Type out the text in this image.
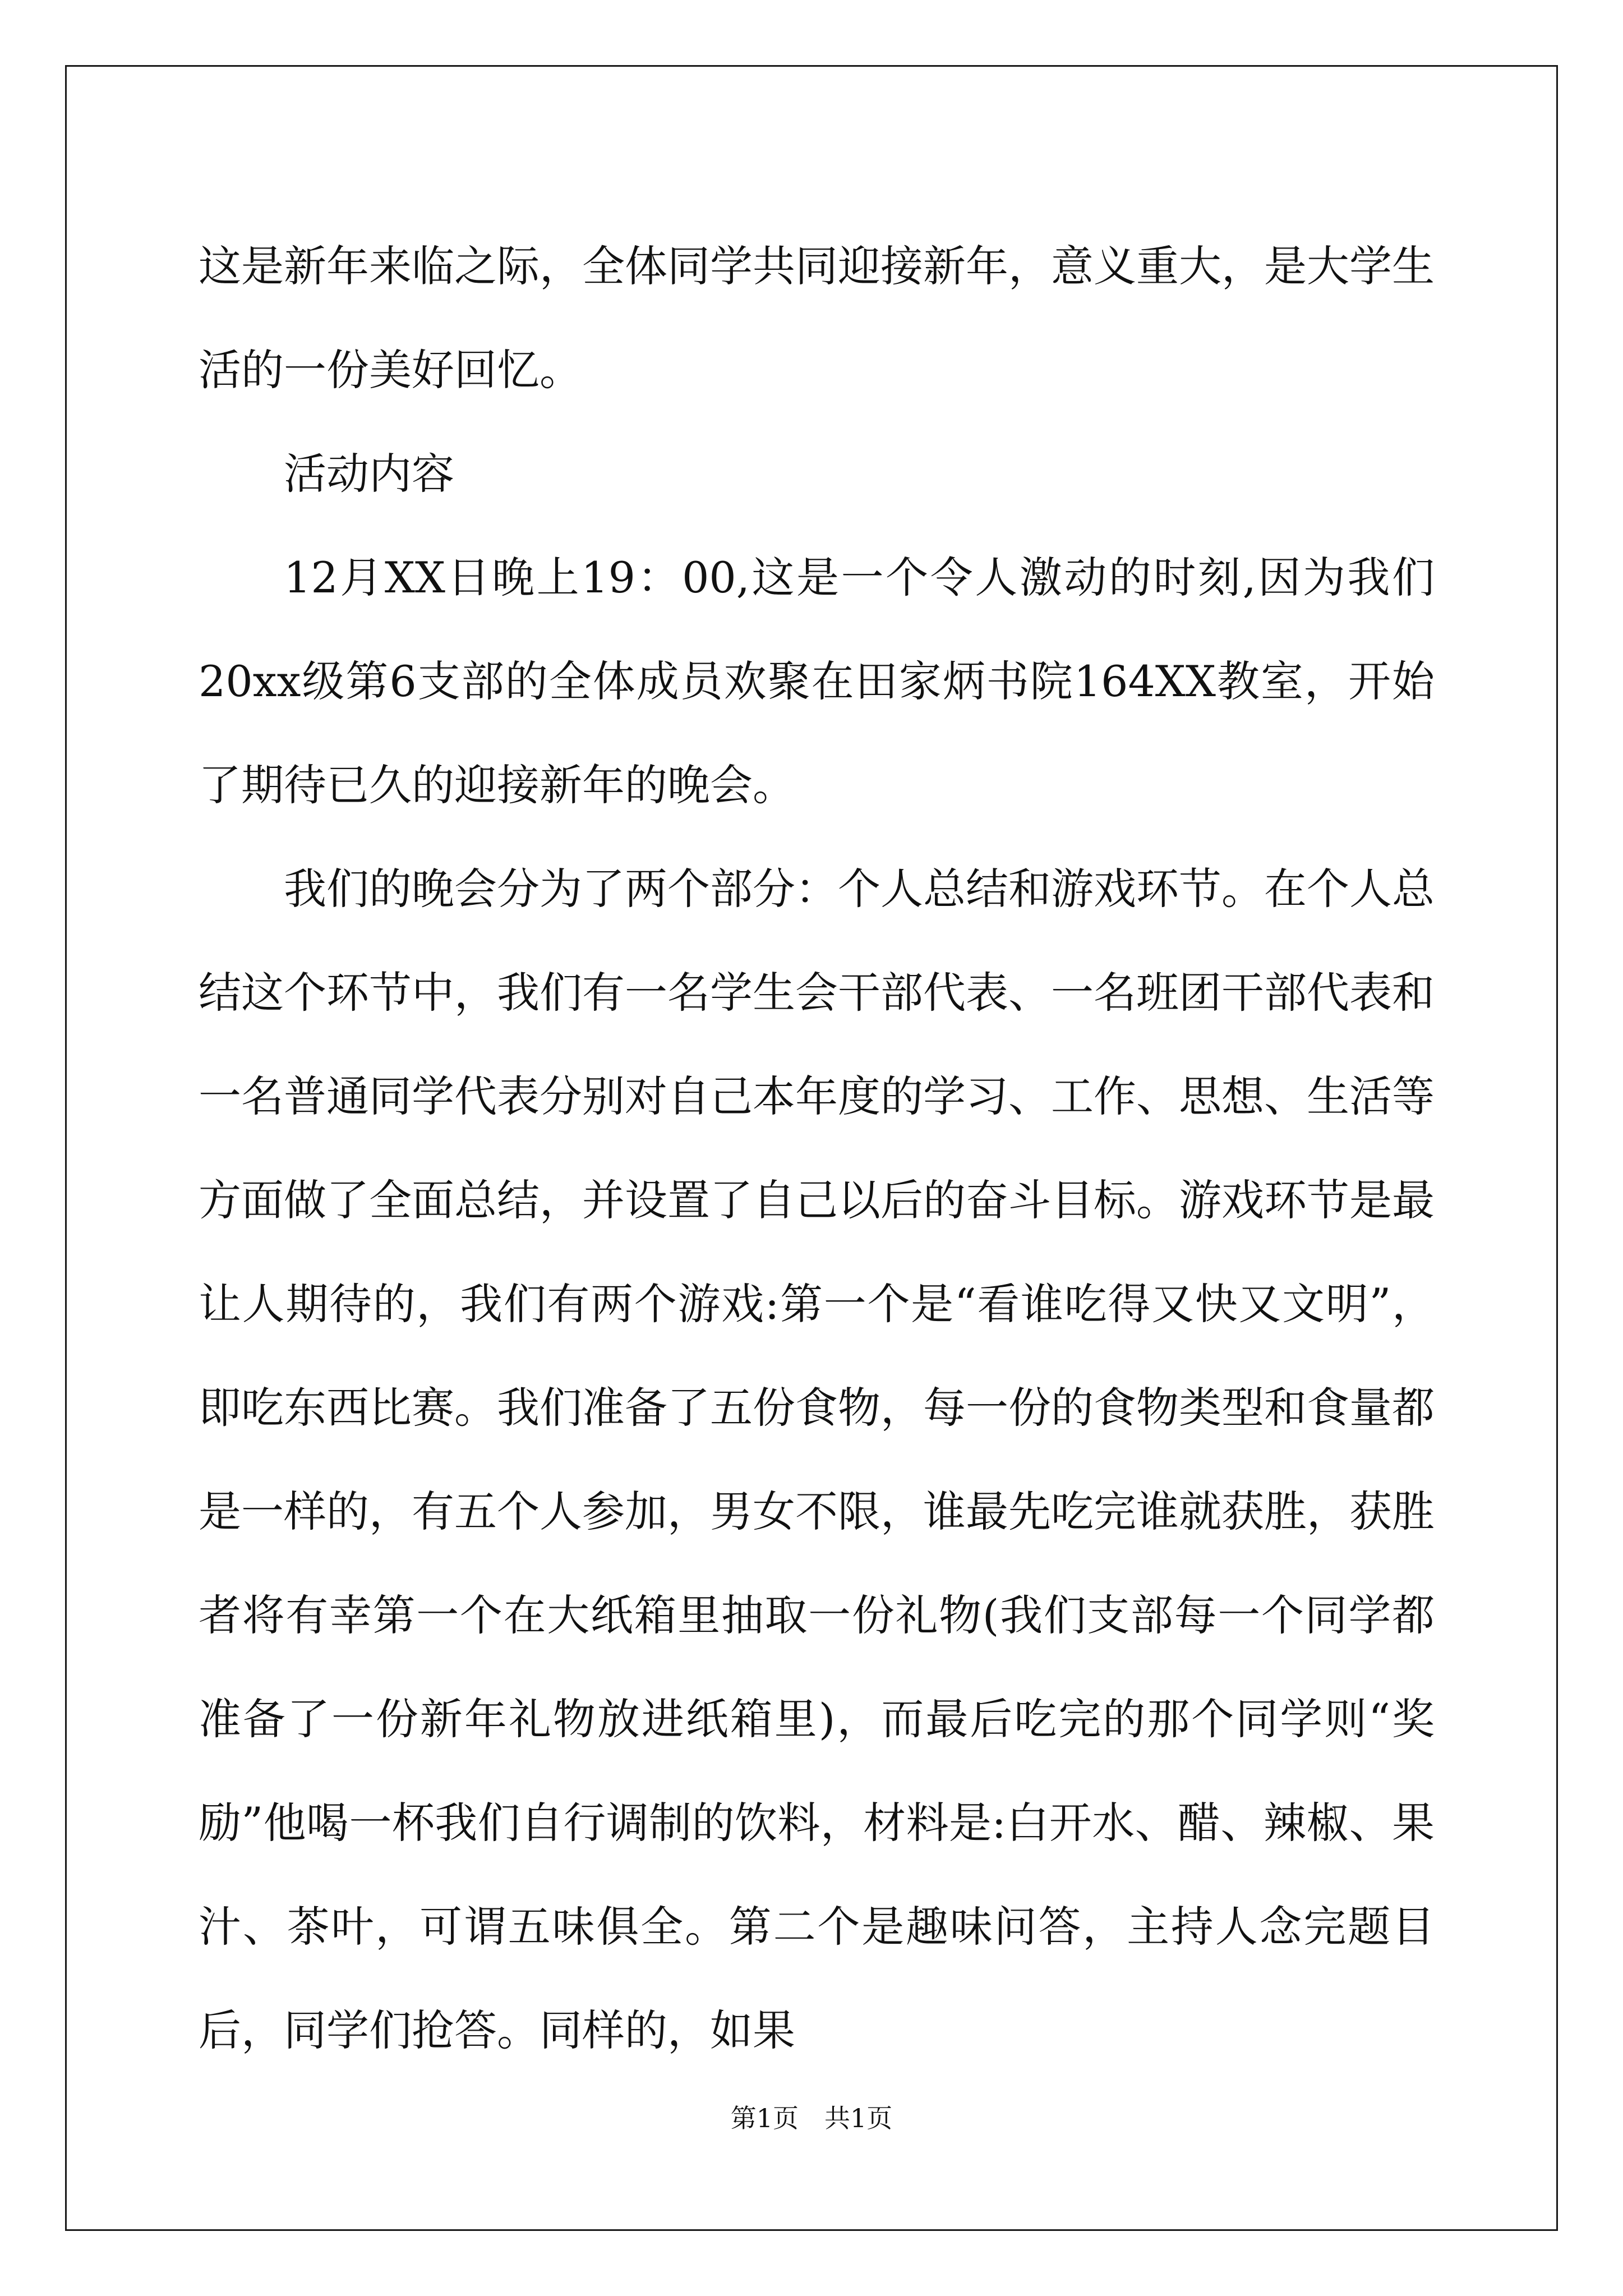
这是新年来临之际，全体同学共同迎接新年，意义重大，是大学生活的一份美好回忆。

活动内容

12月XX日晚上19：00,这是一个令人激动的时刻,因为我们20xx级第6支部的全体成员欢聚在田家炳书院164XX教室，开始了期待已久的迎接新年的晚会。

我们的晚会分为了两个部分：个人总结和游戏环节。在个人总结这个环节中，我们有一名学生会干部代表、一名班团干部代表和一名普通同学代表分别对自己本年度的学习、工作、思想、生活等方面做了全面总结，并设置了自己以后的奋斗目标。游戏环节是最让人期待的，我们有两个游戏:第一个是“看谁吃得又快又文明”，即吃东西比赛。我们准备了五份食物，每一份的食物类型和食量都是一样的，有五个人参加，男女不限，谁最先吃完谁就获胜，获胜者将有幸第一个在大纸箱里抽取一份礼物(我们支部每一个同学都准备了一份新年礼物放进纸箱里)，而最后吃完的那个同学则“奖励”他喝一杯我们自行调制的饮料，材料是:白开水、醋、辣椒、果汁、茶叶，可谓五味俱全。第二个是趣味问答，主持人念完题目后，同学们抢答。同样的，如果

第1页　共1页
